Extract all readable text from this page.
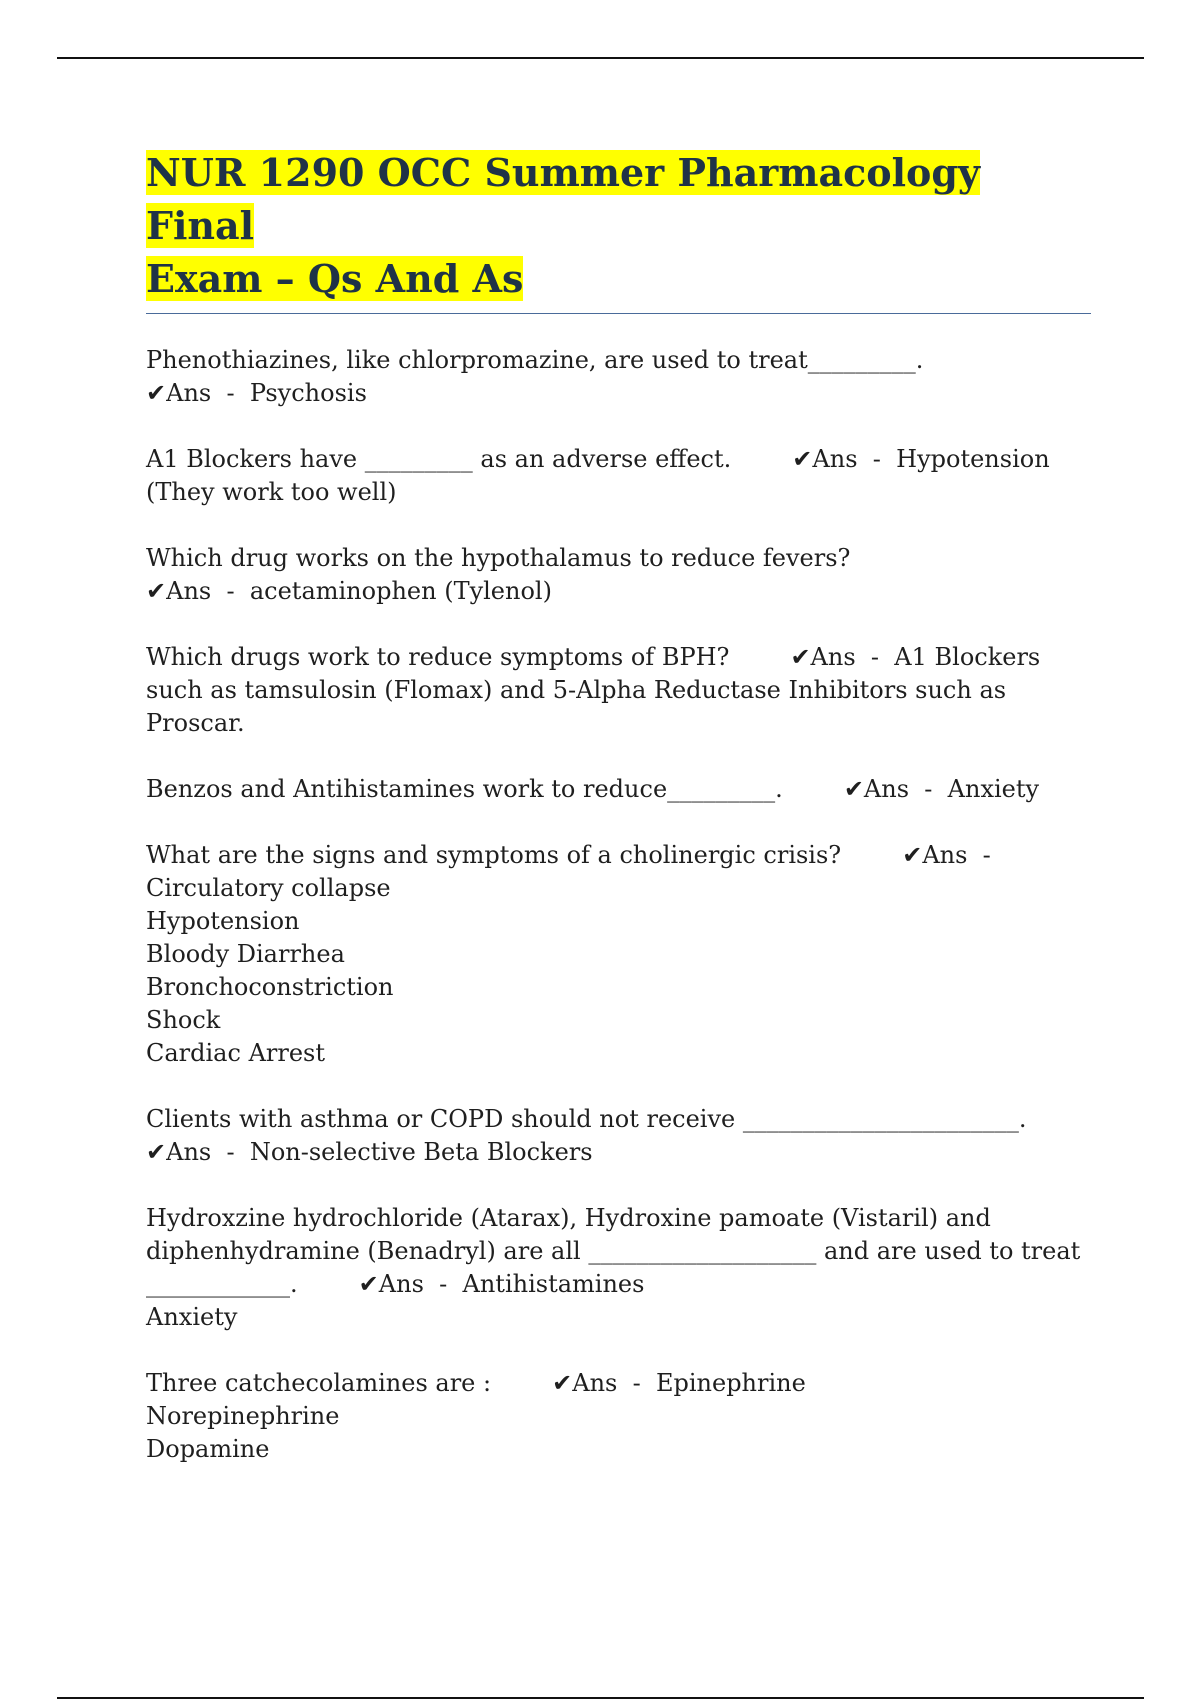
NUR 1290 OCC Summer Pharmacology Final
Exam – Qs And As

Phenothiazines, like chlorpromazine, are used to treat_________.        ✔Ans  -  Psychosis

A1 Blockers have _________ as an adverse effect.	✔Ans  -  Hypotension (They work too well)

Which drug works on the hypothalamus to reduce fevers?        ✔Ans  -  acetaminophen (Tylenol)

Which drugs work to reduce symptoms of BPH?	✔Ans  -  A1 Blockers such as tamsulosin (Flomax) and 5-Alpha Reductase Inhibitors such as Proscar.

Benzos and Antihistamines work to reduce_________.	✔Ans  -  Anxiety

What are the signs and symptoms of a cholinergic crisis?	✔Ans  -
Circulatory collapse
Hypotension
Bloody Diarrhea
Bronchoconstriction
Shock
Cardiac Arrest

Clients with asthma or COPD should not receive _______________________. ✔Ans  -  Non-selective Beta Blockers

Hydroxzine hydrochloride (Atarax), Hydroxine pamoate (Vistaril) and diphenhydramine (Benadryl) are all ___________________ and are used to treat ____________.	✔Ans  -  Antihistamines
Anxiety

Three catchecolamines are :	✔Ans  -  Epinephrine
Norepinephrine
Dopamine
